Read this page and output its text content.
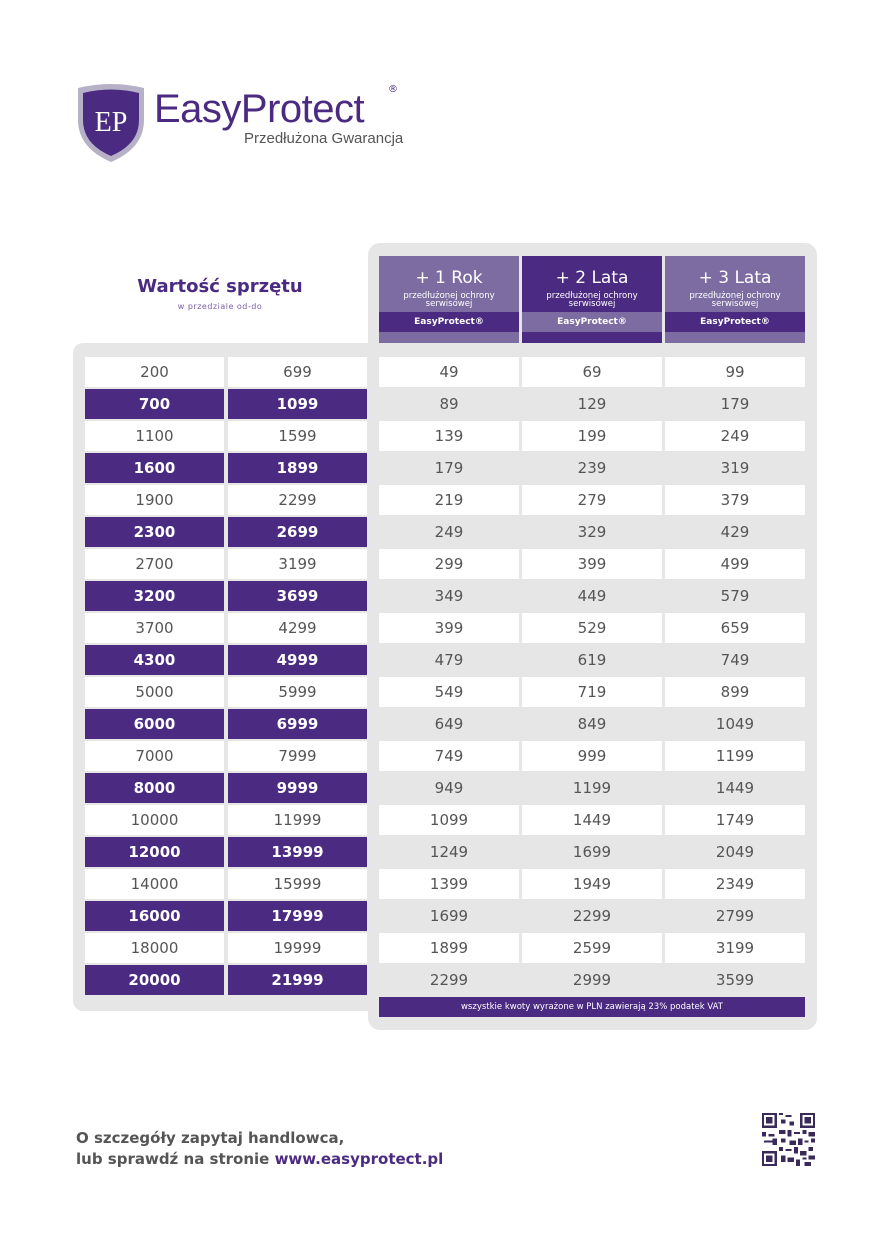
EP EasyProtect ®
Przedłużona Gwarancja
Wartość sprzętu
w przedziale od-do
+ 1 Rok
przedłużonej ochrony serwisowej
EasyProtect®
+ 2 Lata
przedłużonej ochrony serwisowej
EasyProtect®
+ 3 Lata
przedłużonej ochrony serwisowej
EasyProtect®
200	699	49	69	99
700	1099	89	129	179
1100	1599	139	199	249
1600	1899	179	239	319
1900	2299	219	279	379
2300	2699	249	329	429
2700	3199	299	399	499
3200	3699	349	449	579
3700	4299	399	529	659
4300	4999	479	619	749
5000	5999	549	719	899
6000	6999	649	849	1049
7000	7999	749	999	1199
8000	9999	949	1199	1449
10000	11999	1099	1449	1749
12000	13999	1249	1699	2049
14000	15999	1399	1949	2349
16000	17999	1699	2299	2799
18000	19999	1899	2599	3199
20000	21999	2299	2999	3599
wszystkie kwoty wyrażone w PLN zawierają 23% podatek VAT
O szczegóły zapytaj handlowca,
lub sprawdź na stronie www.easyprotect.pl
